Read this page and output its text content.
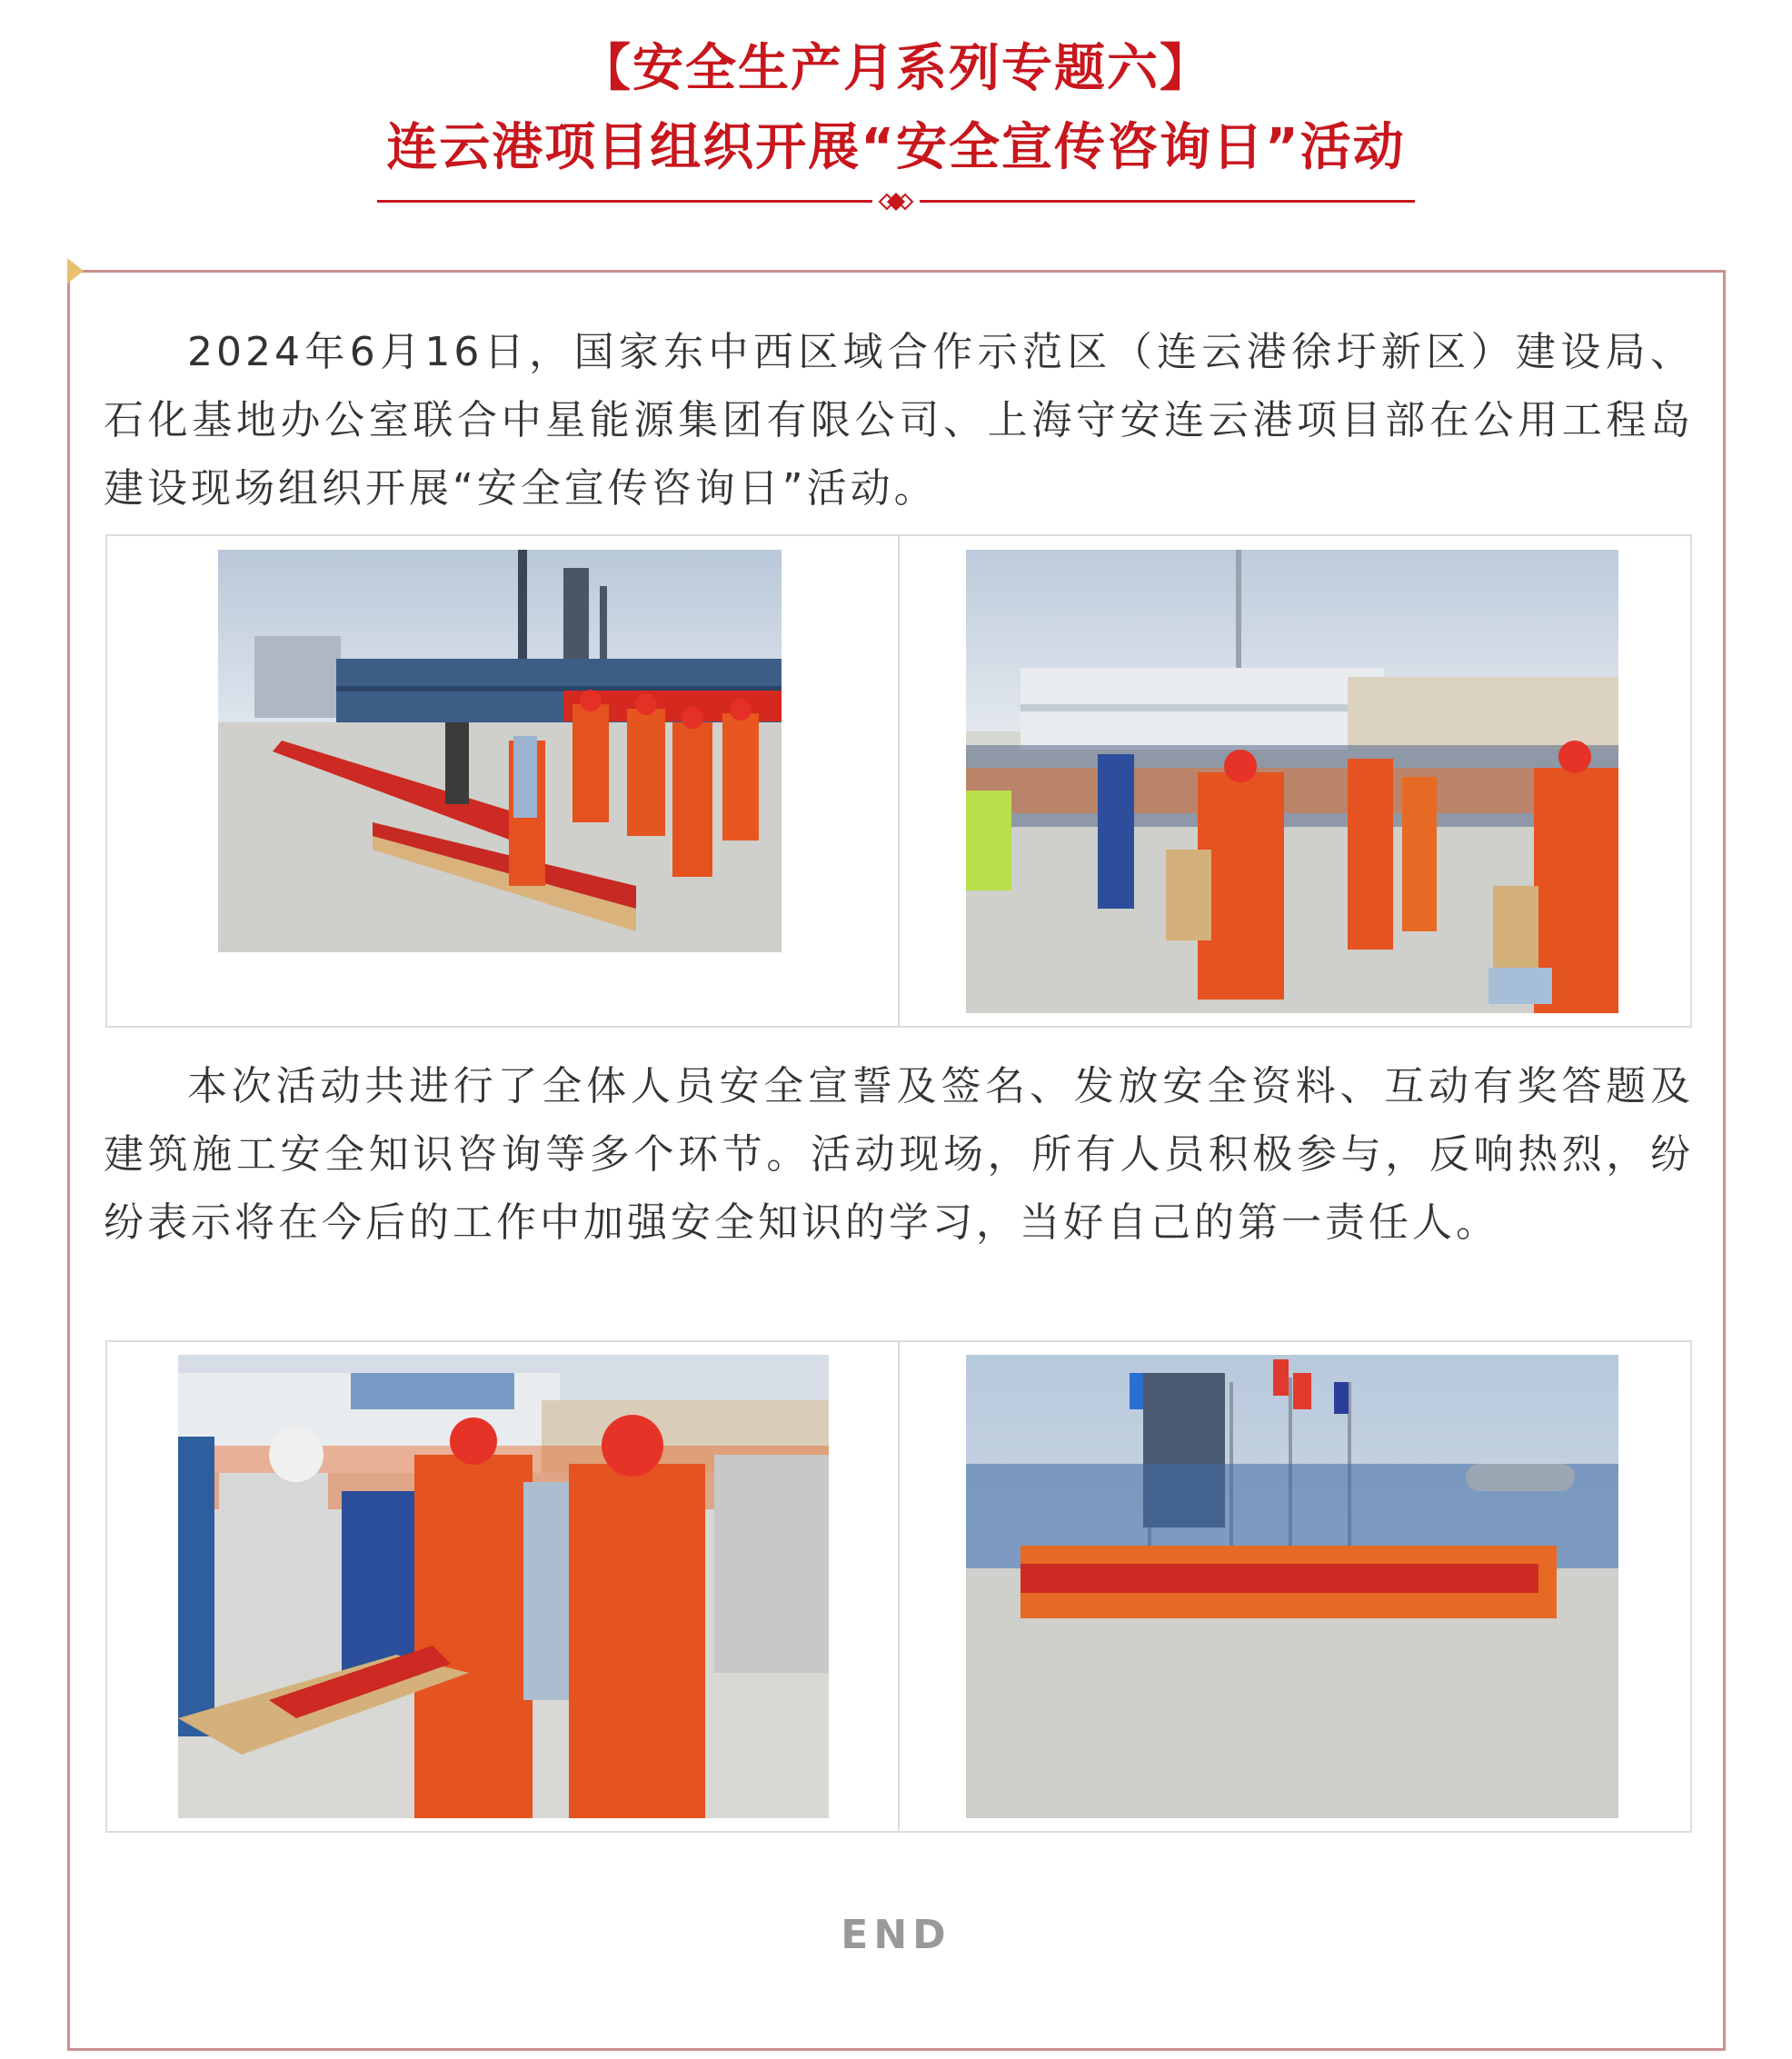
【安全生产月系列专题六】
连云港项目组织开展“安全宣传咨询日”活动

2024年6月16日，国家东中西区域合作示范区（连云港徐圩新区）建设局、石化基地办公室联合中星能源集团有限公司、上海守安连云港项目部在公用工程岛建设现场组织开展“安全宣传咨询日”活动。

本次活动共进行了全体人员安全宣誓及签名、发放安全资料、互动有奖答题及建筑施工安全知识咨询等多个环节。活动现场，所有人员积极参与，反响热烈，纷纷表示将在今后的工作中加强安全知识的学习，当好自己的第一责任人。

END
